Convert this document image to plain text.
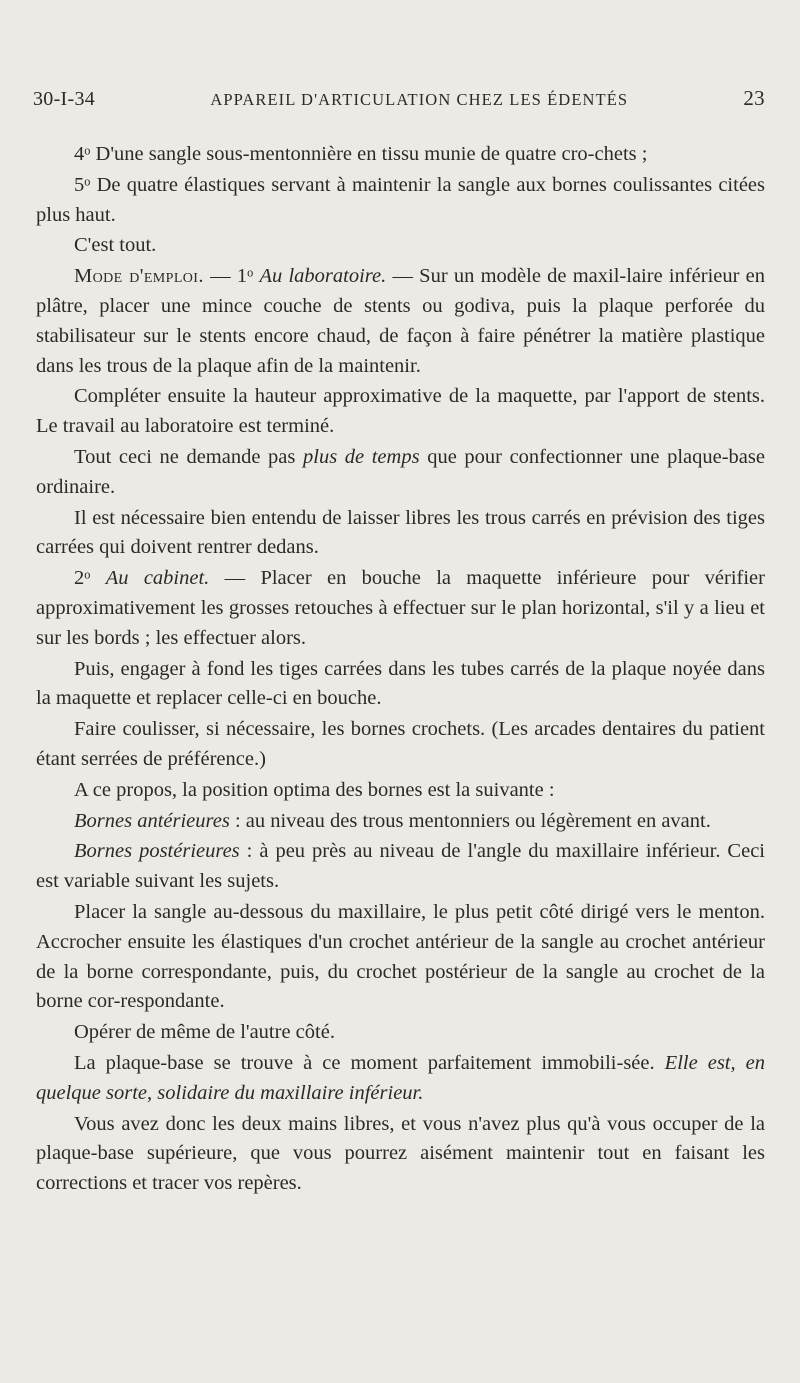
30-I-34	APPAREIL D'ARTICULATION CHEZ LES ÉDENTÉS	23

4$^o$ D'une sangle sous-mentonnière en tissu munie de quatre cro-chets ;

5$^o$ De quatre élastiques servant à maintenir la sangle aux bornes coulissantes citées plus haut.

C'est tout.

Mode d'emploi. — 1$^o$ Au laboratoire. — Sur un modèle de maxil-laire inférieur en plâtre, placer une mince couche de stents ou godiva, puis la plaque perforée du stabilisateur sur le stents encore chaud, de façon à faire pénétrer la matière plastique dans les trous de la plaque afin de la maintenir.

Compléter ensuite la hauteur approximative de la maquette, par l'apport de stents. Le travail au laboratoire est terminé.

Tout ceci ne demande pas plus de temps que pour confectionner une plaque-base ordinaire.

Il est nécessaire bien entendu de laisser libres les trous carrés en prévision des tiges carrées qui doivent rentrer dedans.

2$^o$ Au cabinet. — Placer en bouche la maquette inférieure pour vérifier approximativement les grosses retouches à effectuer sur le plan horizontal, s'il y a lieu et sur les bords ; les effectuer alors.

Puis, engager à fond les tiges carrées dans les tubes carrés de la plaque noyée dans la maquette et replacer celle-ci en bouche.

Faire coulisser, si nécessaire, les bornes crochets. (Les arcades dentaires du patient étant serrées de préférence.)

A ce propos, la position optima des bornes est la suivante :

Bornes antérieures : au niveau des trous mentonniers ou légèrement en avant.

Bornes postérieures : à peu près au niveau de l'angle du maxillaire inférieur. Ceci est variable suivant les sujets.

Placer la sangle au-dessous du maxillaire, le plus petit côté dirigé vers le menton. Accrocher ensuite les élastiques d'un crochet antérieur de la sangle au crochet antérieur de la borne correspondante, puis, du crochet postérieur de la sangle au crochet de la borne cor-respondante.

Opérer de même de l'autre côté.

La plaque-base se trouve à ce moment parfaitement immobili-sée. Elle est, en quelque sorte, solidaire du maxillaire inférieur.

Vous avez donc les deux mains libres, et vous n'avez plus qu'à vous occuper de la plaque-base supérieure, que vous pourrez aisément maintenir tout en faisant les corrections et tracer vos repères.
